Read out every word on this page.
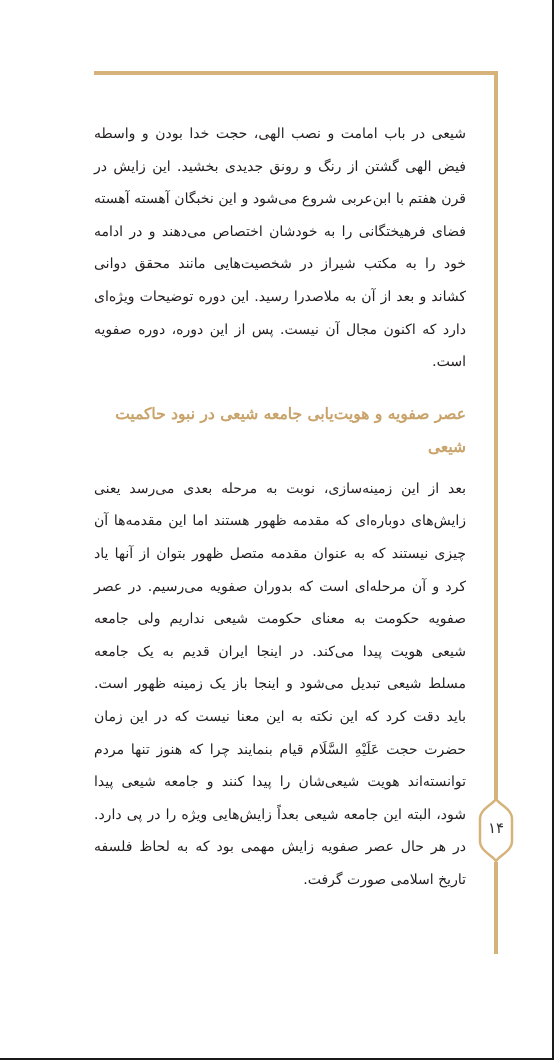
۱۴

شیعی در باب امامت و نصب الهی، حجت خدا بودن و واسطه فیض الهی گشتن از رنگ و رونق جدیدی بخشید. این زایش در قرن هفتم با ابن‌عربی شروع می‌شود و این نخبگان آهسته آهسته فضای فرهیختگانی را به خودشان اختصاص می‌دهند و در ادامه خود را به مکتب شیراز در شخصیت‌هایی مانند محقق دوانی کشاند و بعد از آن به ملاصدرا رسید. این دوره توضیحات ویژه‌ای دارد که اکنون مجال آن نیست. پس از این دوره، دوره صفویه است.

عصر صفویه و هویت‌یابی جامعه شیعی در نبود حاکمیت شیعی

بعد از این زمینه‌سازی، نوبت به مرحله بعدی می‌رسد یعنی زایش‌های دوباره‌ای که مقدمه ظهور هستند اما این مقدمه‌ها آن چیزی نیستند که به عنوان مقدمه متصل ظهور بتوان از آنها یاد کرد و آن مرحله‌ای است که بدوران صفویه می‌رسیم. در عصر صفویه حکومت به معنای حکومت شیعی نداریم ولی جامعه شیعی هویت پیدا می‌کند. در اینجا ایران قدیم به یک جامعه مسلط شیعی تبدیل می‌شود و اینجا باز یک زمینه ظهور است. باید دقت کرد که این نکته به این معنا نیست که در این زمان حضرت حجت عَلَیْهِ السَّلَام قیام بنمایند چرا که هنوز تنها مردم توانسته‌اند هویت شیعی‌شان را پیدا کنند و جامعه شیعی پیدا شود، البته این جامعه شیعی بعداً زایش‌هایی ویژه را در پی دارد. در هر حال عصر صفویه زایش مهمی بود که به لحاظ فلسفه تاریخ اسلامی صورت گرفت.
